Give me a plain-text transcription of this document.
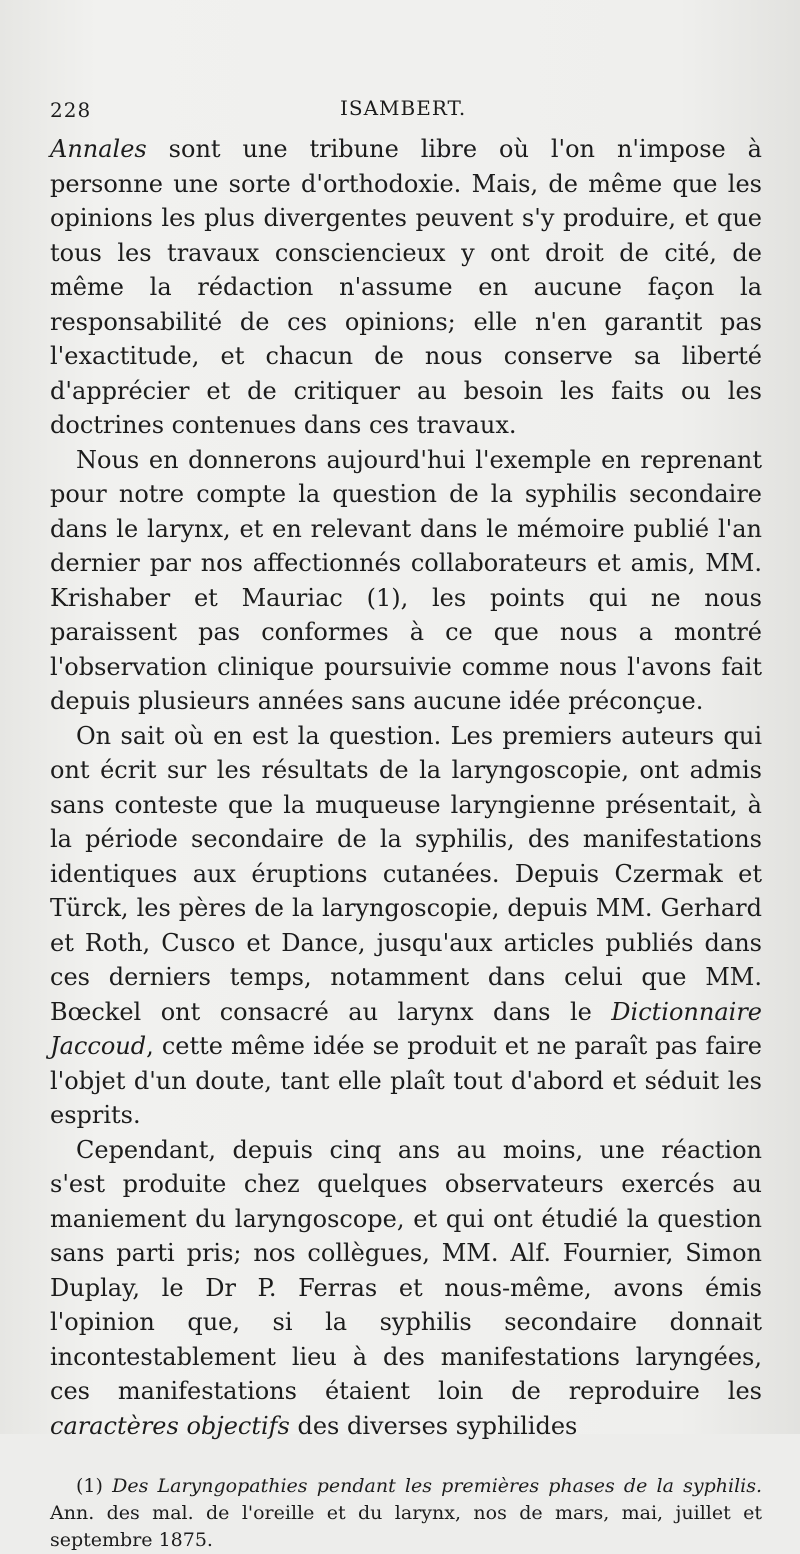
228	ISAMBERT.

Annales sont une tribune libre où l'on n'impose à personne une sorte d'orthodoxie. Mais, de même que les opinions les plus divergentes peuvent s'y produire, et que tous les travaux consciencieux y ont droit de cité, de même la rédaction n'assume en aucune façon la responsabilité de ces opinions; elle n'en garantit pas l'exactitude, et chacun de nous conserve sa liberté d'apprécier et de critiquer au besoin les faits ou les doctrines contenues dans ces travaux.

Nous en donnerons aujourd'hui l'exemple en reprenant pour notre compte la question de la syphilis secondaire dans le larynx, et en relevant dans le mémoire publié l'an dernier par nos affectionnés collaborateurs et amis, MM. Krishaber et Mauriac (1), les points qui ne nous paraissent pas conformes à ce que nous a montré l'observation clinique poursuivie comme nous l'avons fait depuis plusieurs années sans aucune idée préconçue.

On sait où en est la question. Les premiers auteurs qui ont écrit sur les résultats de la laryngoscopie, ont admis sans conteste que la muqueuse laryngienne présentait, à la période secondaire de la syphilis, des manifestations identiques aux éruptions cutanées. Depuis Czermak et Türck, les pères de la laryngoscopie, depuis MM. Gerhard et Roth, Cusco et Dance, jusqu'aux articles publiés dans ces derniers temps, notamment dans celui que MM. Bœckel ont consacré au larynx dans le Dictionnaire Jaccoud, cette même idée se produit et ne paraît pas faire l'objet d'un doute, tant elle plaît tout d'abord et séduit les esprits.

Cependant, depuis cinq ans au moins, une réaction s'est produite chez quelques observateurs exercés au maniement du laryngoscope, et qui ont étudié la question sans parti pris; nos collègues, MM. Alf. Fournier, Simon Duplay, le Dr P. Ferras et nous-même, avons émis l'opinion que, si la syphilis secondaire donnait incontestablement lieu à des manifestations laryngées, ces manifestations étaient loin de reproduire les caractères objectifs des diverses syphilides

(1) Des Laryngopathies pendant les premières phases de la syphilis. Ann. des mal. de l'oreille et du larynx, nos de mars, mai, juillet et septembre 1875.
